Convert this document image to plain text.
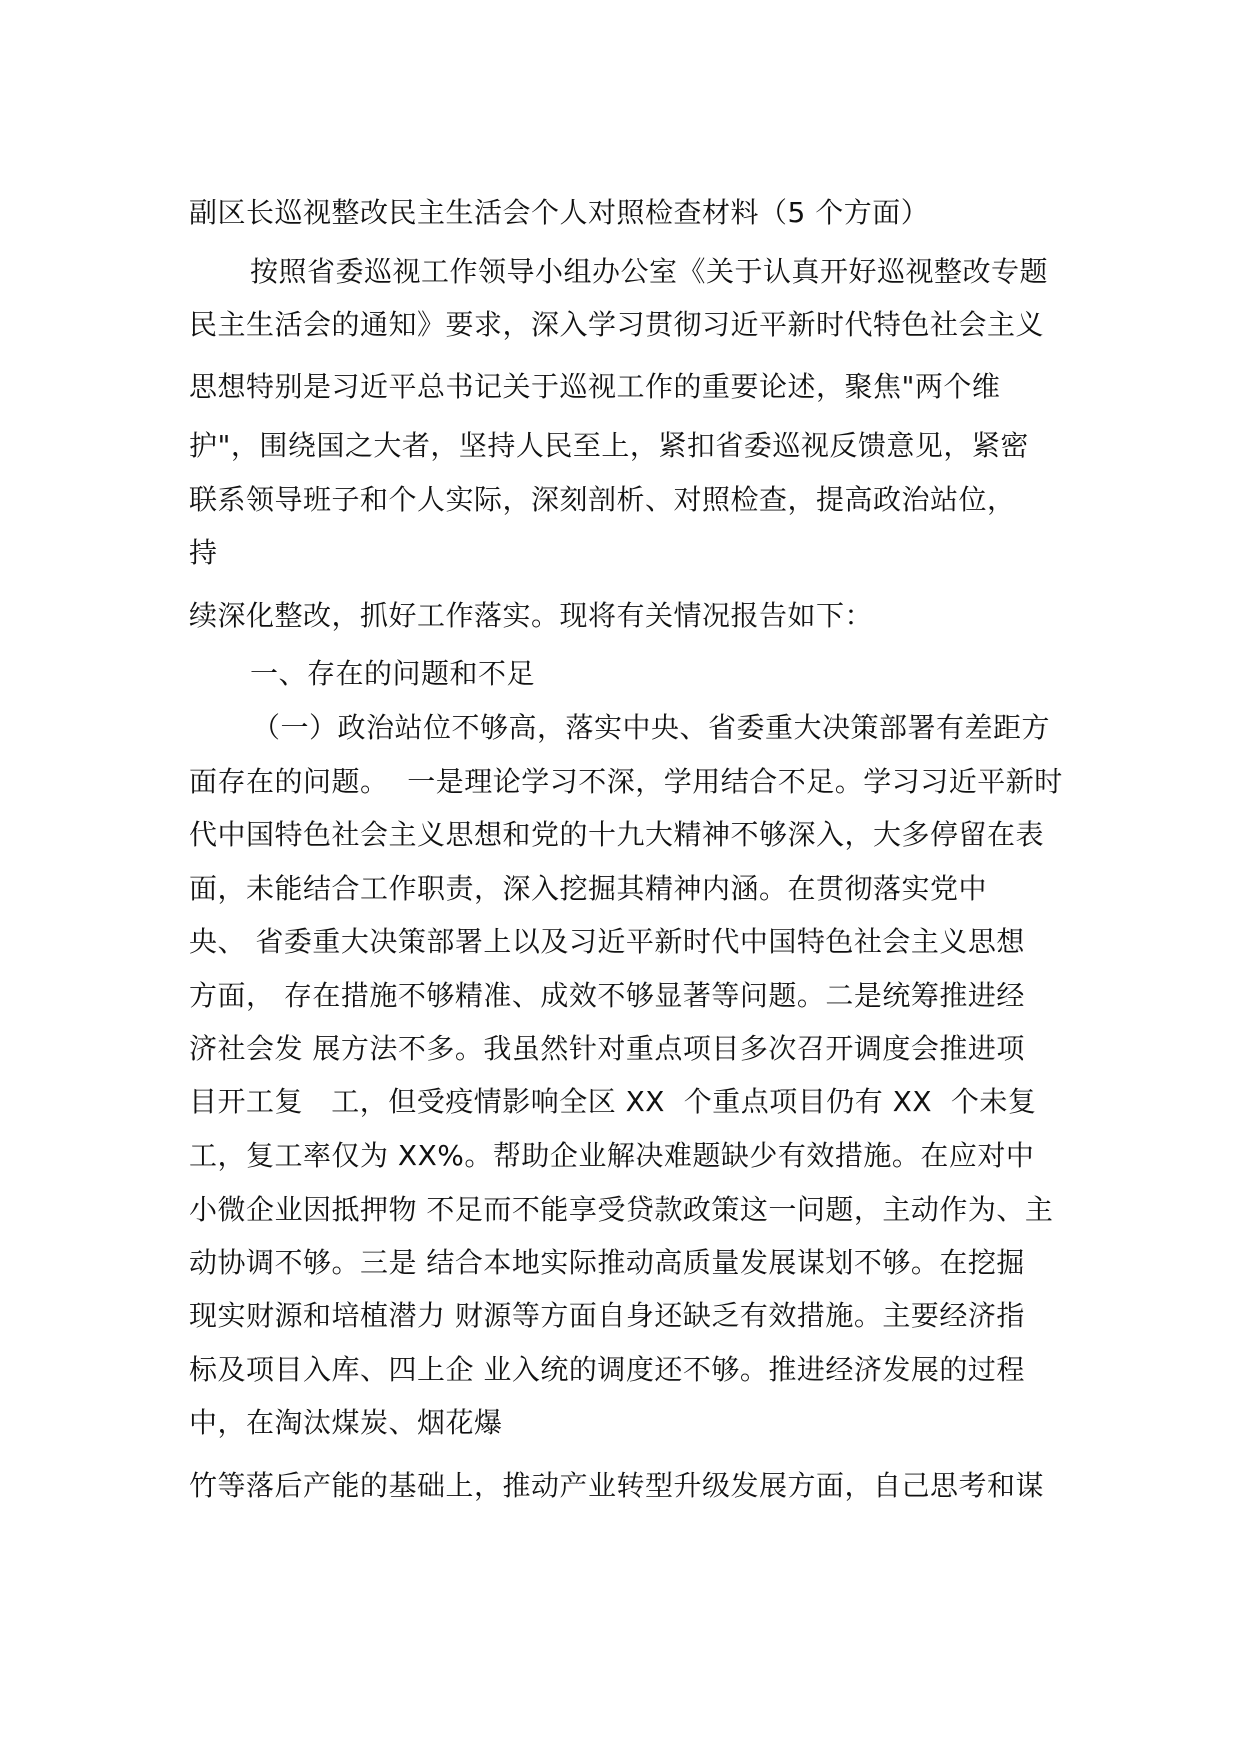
副区长巡视整改民主生活会个人对照检查材料（5 个方面）
按照省委巡视工作领导小组办公室《关于认真开好巡视整改专题
民主生活会的通知》要求，深入学习贯彻习近平新时代特色社会主义
思想特别是习近平总书记关于巡视工作的重要论述，聚焦"两个维
护"，围绕国之大者，坚持人民至上，紧扣省委巡视反馈意见，紧密
联系领导班子和个人实际，深刻剖析、对照检查，提高政治站位，
持
续深化整改，抓好工作落实。现将有关情况报告如下：
一、存在的问题和不足
（一）政治站位不够高，落实中央、省委重大决策部署有差距方
面存在的问题。  一是理论学习不深，学用结合不足。学习习近平新时
代中国特色社会主义思想和党的十九大精神不够深入，大多停留在表
面，未能结合工作职责，深入挖掘其精神内涵。在贯彻落实党中
央、 省委重大决策部署上以及习近平新时代中国特色社会主义思想
方面， 存在措施不够精准、成效不够显著等问题。二是统筹推进经
济社会发 展方法不多。我虽然针对重点项目多次召开调度会推进项
目开工复   工，但受疫情影响全区 XX  个重点项目仍有 XX  个未复
工，复工率仅为 XX%。帮助企业解决难题缺少有效措施。在应对中
小微企业因抵押物 不足而不能享受贷款政策这一问题，主动作为、主
动协调不够。三是 结合本地实际推动高质量发展谋划不够。在挖掘
现实财源和培植潜力 财源等方面自身还缺乏有效措施。主要经济指
标及项目入库、四上企 业入统的调度还不够。推进经济发展的过程
中，在淘汰煤炭、烟花爆
竹等落后产能的基础上，推动产业转型升级发展方面，自己思考和谋
